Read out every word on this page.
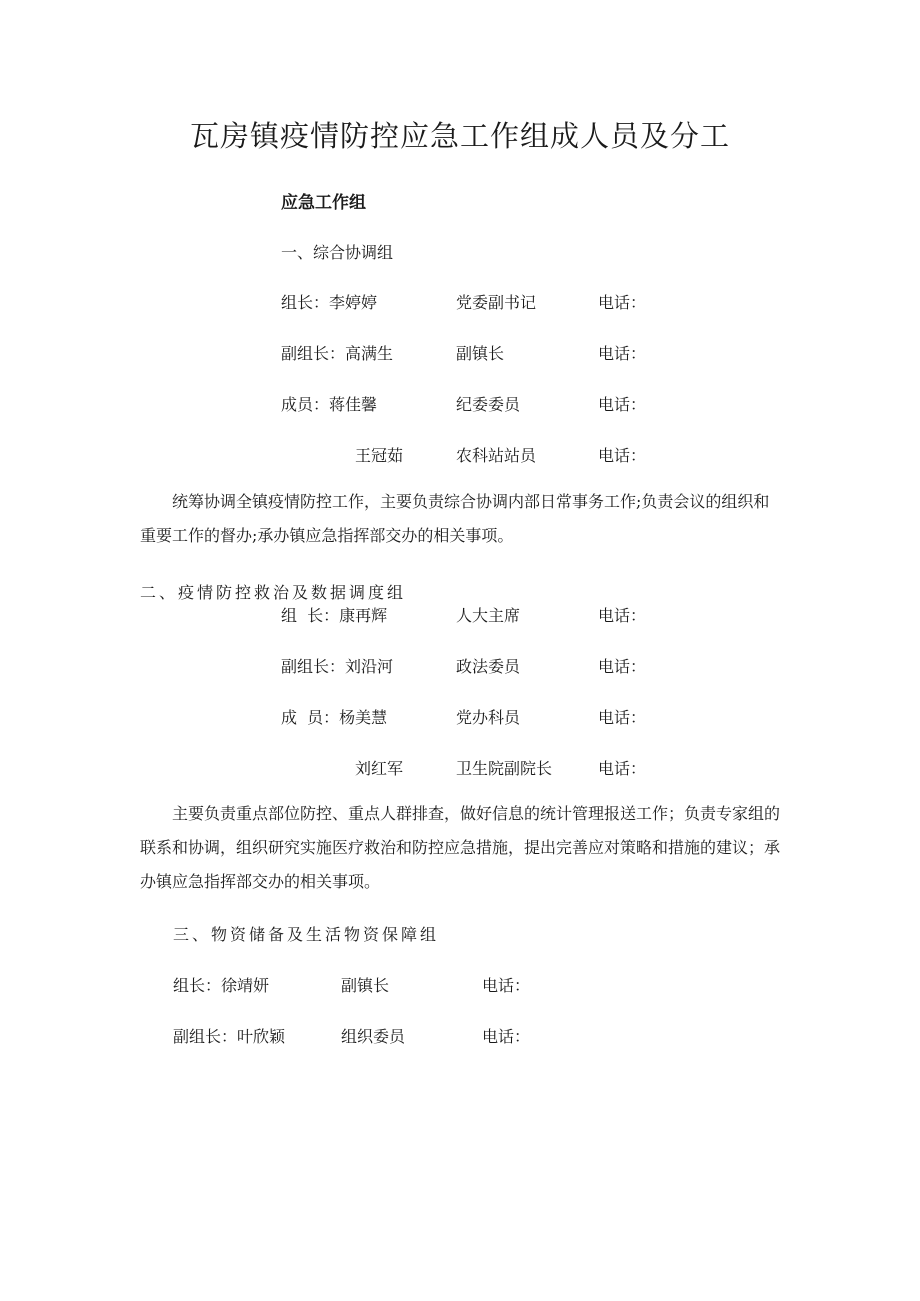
瓦房镇疫情防控应急工作组成人员及分工
应急工作组
一、综合协调组
组长：李婷婷	党委副书记	电话：
副组长：高满生	副镇长	电话：
成员：蒋佳馨	纪委委员	电话：
王冠茹	农科站站员	电话：
统筹协调全镇疫情防控工作，主要负责综合协调内部日常事务工作;负责会议的组织和重要工作的督办;承办镇应急指挥部交办的相关事项。
二、疫情防控救治及数据调度组
组  长：康再辉	人大主席	电话：
副组长：刘沿河	政法委员	电话：
成  员：杨美慧	党办科员	电话：
刘红军	卫生院副院长	电话：
主要负责重点部位防控、重点人群排查，做好信息的统计管理报送工作；负责专家组的联系和协调，组织研究实施医疗救治和防控应急措施，提出完善应对策略和措施的建议；承办镇应急指挥部交办的相关事项。
三、物资储备及生活物资保障组
组长：徐靖妍	副镇长	电话：
副组长：叶欣颖	组织委员	电话：
